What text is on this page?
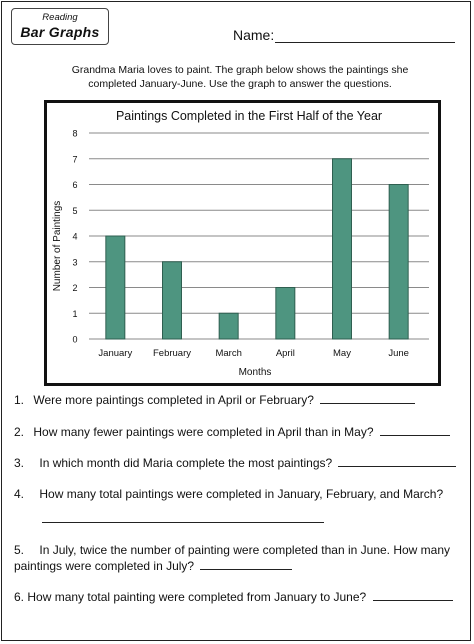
Reading
Bar Graphs	Name:
Grandma Maria loves to paint. The graph below shows the paintings she completed January-June. Use the graph to answer the questions.
Paintings Completed in the First Half of the Year
0
1
2
3
4
5
6
7
8
January February	March	April	May	June
Months
Number of Paintings
1. Were more paintings completed in April or February?
2. How many fewer paintings were completed in April than in May?
3. In which month did Maria complete the most paintings?
4. How many total paintings were completed in January, February, and March?
5. In July, twice the number of painting were completed than in June. How many
paintings were completed in July?
6. How many total painting were completed from January to June?
